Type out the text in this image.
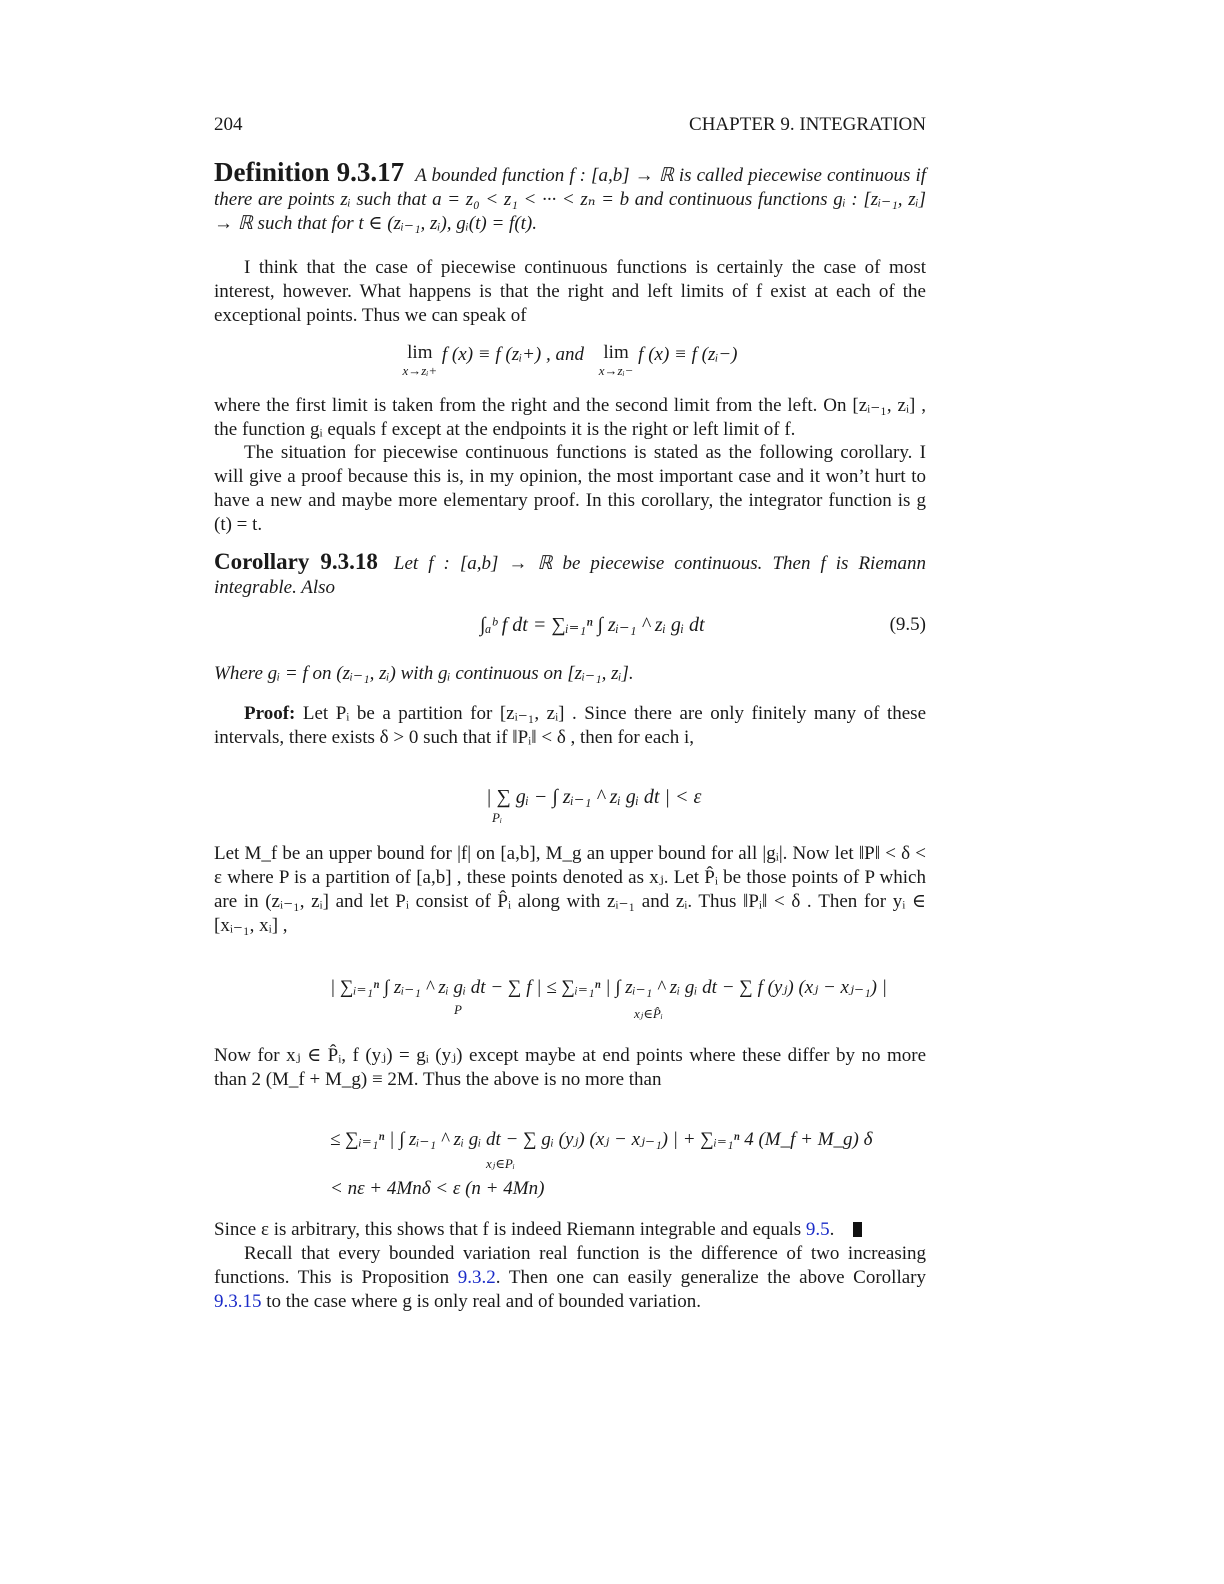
204	CHAPTER 9. INTEGRATION
Definition 9.3.17 A bounded function f : [a,b] → ℝ is called piecewise continuous if there are points zᵢ such that a = z₀ < z₁ < ··· < zₙ = b and continuous functions gᵢ : [zᵢ₋₁, zᵢ] → ℝ such that for t ∈ (zᵢ₋₁, zᵢ), gᵢ(t) = f(t).
I think that the case of piecewise continuous functions is certainly the case of most interest, however. What happens is that the right and left limits of f exist at each of the exceptional points. Thus we can speak of
lim
x→zᵢ+
f (x) ≡ f (zᵢ+) , and lim
x→zᵢ−
f (x) ≡ f (zᵢ−)
where the first limit is taken from the right and the second limit from the left. On [zᵢ₋₁, zᵢ] , the function gᵢ equals f except at the endpoints it is the right or left limit of f.
The situation for piecewise continuous functions is stated as the following corollary. I will give a proof because this is, in my opinion, the most important case and it won’t hurt to have a new and maybe more elementary proof. In this corollary, the integrator function is g (t) = t.
Corollary 9.3.18 Let f : [a,b] → ℝ be piecewise continuous. Then f is Riemann integrable. Also
∫ₐᵇ f dt = ∑ᵢ₌₁ⁿ ∫ zᵢ₋₁ ^ zᵢ gᵢ dt	(9.5)
Where gᵢ = f on (zᵢ₋₁, zᵢ) with gᵢ continuous on [zᵢ₋₁, zᵢ].
Proof: Let Pᵢ be a partition for [zᵢ₋₁, zᵢ] . Since there are only finitely many of these intervals, there exists δ > 0 such that if ‖Pᵢ‖ < δ , then for each i,
| ∑ gᵢ − ∫ zᵢ₋₁ ^ zᵢ gᵢ dt | < ε
Pᵢ
Let M_f be an upper bound for |f| on [a,b], M_g an upper bound for all |gᵢ|. Now let ‖P‖ < δ < ε where P is a partition of [a,b] , these points denoted as xⱼ. Let P̂ᵢ be those points of P which are in (zᵢ₋₁, zᵢ] and let Pᵢ consist of P̂ᵢ along with zᵢ₋₁ and zᵢ. Thus ‖Pᵢ‖ < δ . Then for yᵢ ∈ [xᵢ₋₁, xᵢ] ,
| ∑ᵢ₌₁ⁿ ∫ zᵢ₋₁ ^ zᵢ gᵢ dt − ∑ f | ≤ ∑ᵢ₌₁ⁿ | ∫ zᵢ₋₁ ^ zᵢ gᵢ dt − ∑ f (yⱼ) (xⱼ − xⱼ₋₁) |
P	xⱼ∈P̂ᵢ
Now for xⱼ ∈ P̂ᵢ, f (yⱼ) = gᵢ (yⱼ) except maybe at end points where these differ by no more than 2 (M_f + M_g) ≡ 2M. Thus the above is no more than
≤ ∑ᵢ₌₁ⁿ | ∫ zᵢ₋₁ ^ zᵢ gᵢ dt − ∑ gᵢ (yⱼ) (xⱼ − xⱼ₋₁) | + ∑ᵢ₌₁ⁿ 4 (M_f + M_g) δ
xⱼ∈Pᵢ
< nε + 4Mnδ < ε (n + 4Mn)
Since ε is arbitrary, this shows that f is indeed Riemann integrable and equals 9.5.
Recall that every bounded variation real function is the difference of two increasing functions. This is Proposition 9.3.2. Then one can easily generalize the above Corollary 9.3.15 to the case where g is only real and of bounded variation.
